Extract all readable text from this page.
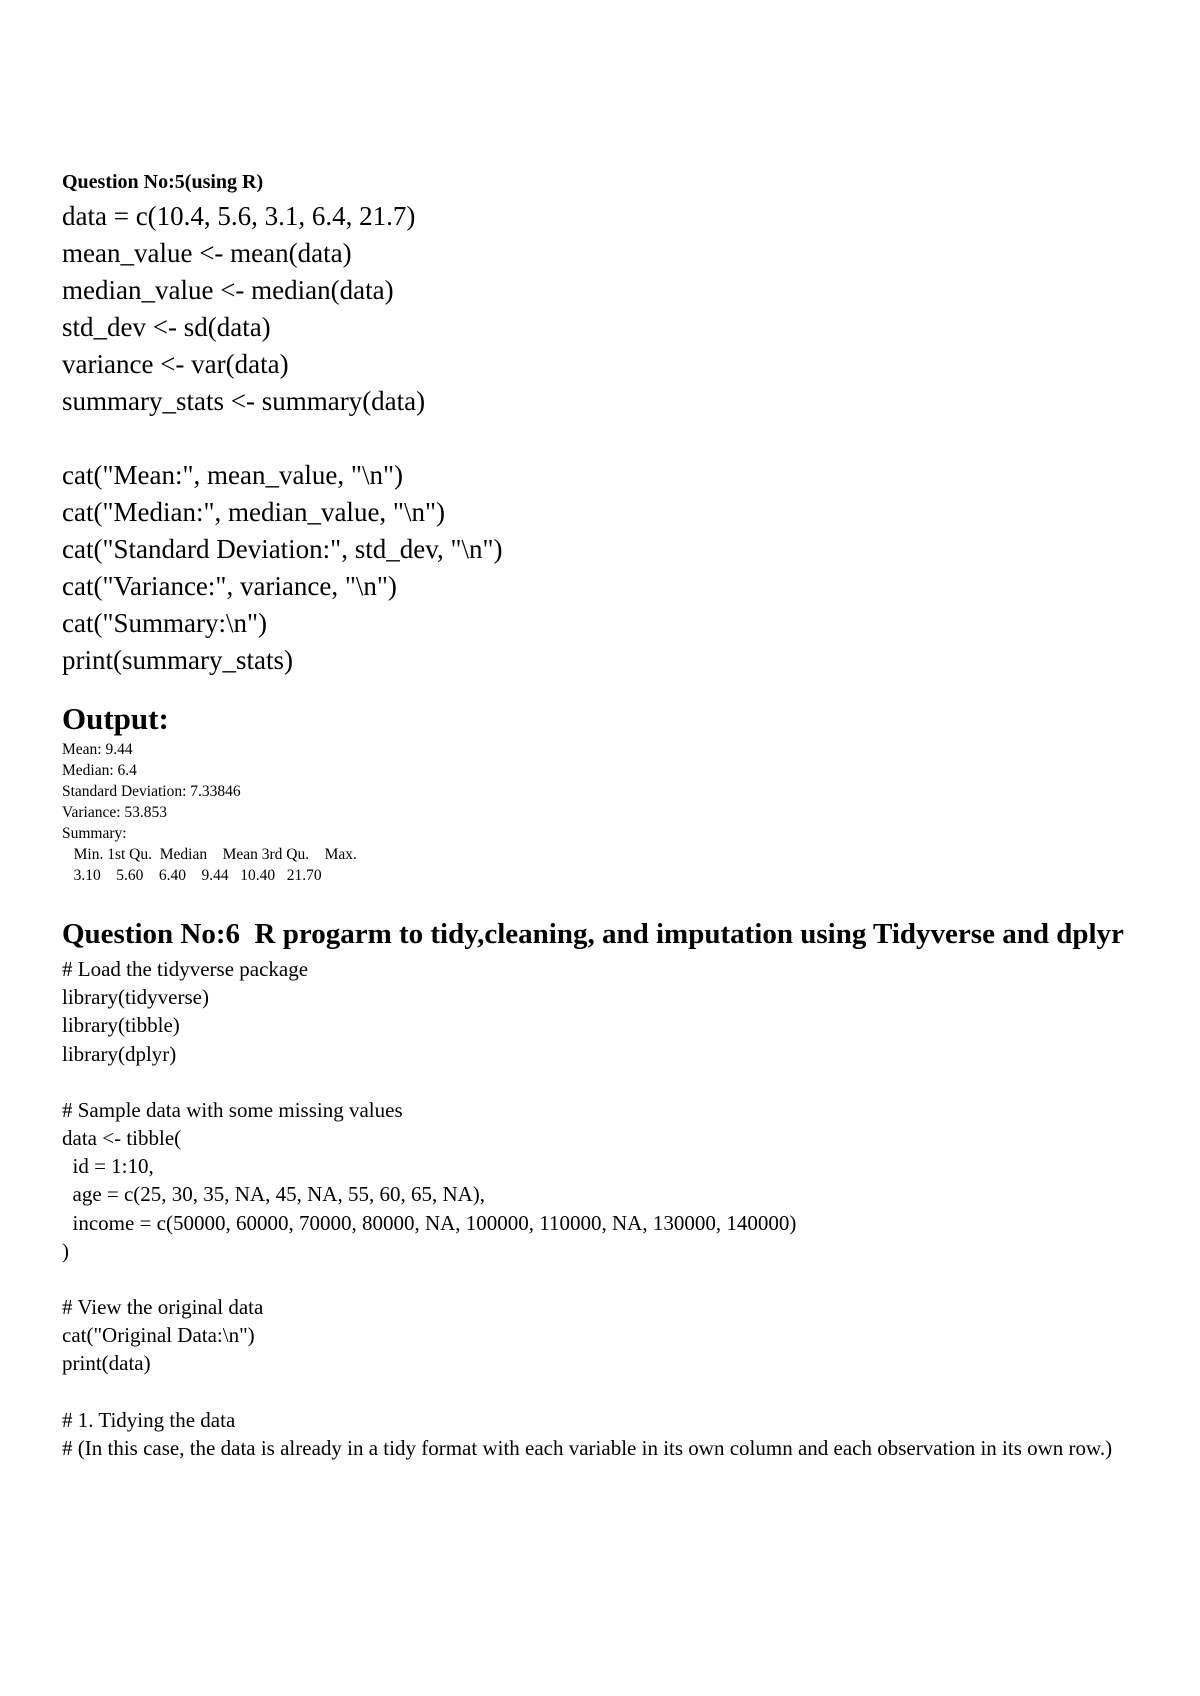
Question No:5(using R)
data = c(10.4, 5.6, 3.1, 6.4, 21.7)
mean_value <- mean(data)
median_value <- median(data)
std_dev <- sd(data)
variance <- var(data)
summary_stats <- summary(data)
cat("Mean:", mean_value, "\n")
cat("Median:", median_value, "\n")
cat("Standard Deviation:", std_dev, "\n")
cat("Variance:", variance, "\n")
cat("Summary:\n")
print(summary_stats)
Output:
Mean: 9.44
Median: 6.4
Standard Deviation: 7.33846
Variance: 53.853
Summary:
Min. 1st Qu.  Median    Mean 3rd Qu.    Max.
3.10    5.60    6.40    9.44   10.40   21.70
Question No:6  R progarm to tidy,cleaning, and imputation using Tidyverse and dplyr
# Load the tidyverse package
library(tidyverse)
library(tibble)
library(dplyr)
# Sample data with some missing values
data <- tibble(
id = 1:10,
age = c(25, 30, 35, NA, 45, NA, 55, 60, 65, NA),
income = c(50000, 60000, 70000, 80000, NA, 100000, 110000, NA, 130000, 140000)
)
# View the original data
cat("Original Data:\n")
print(data)
# 1. Tidying the data
# (In this case, the data is already in a tidy format with each variable in its own column and each observation in its own row.)
